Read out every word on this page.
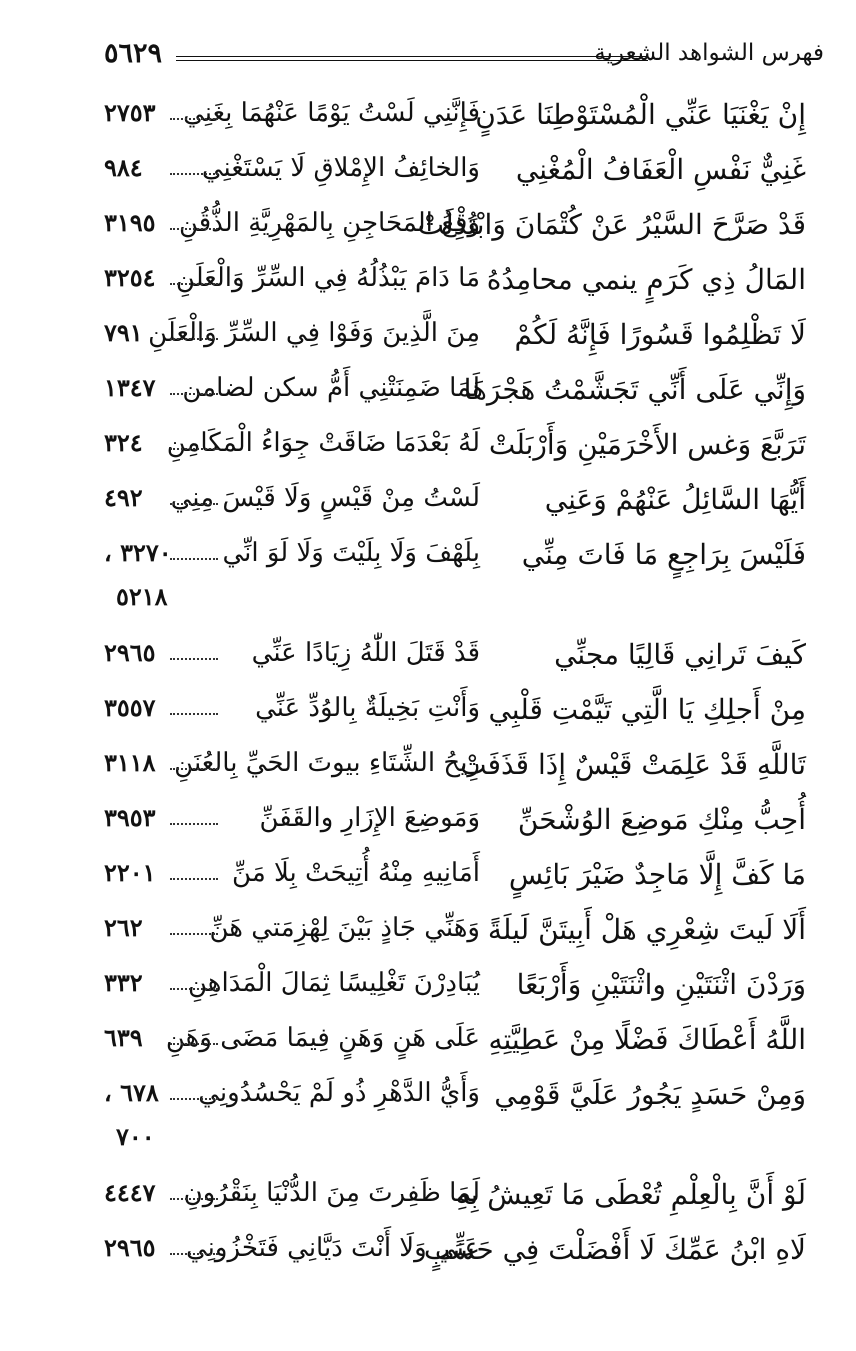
٥٦٢٩	فهرس الشواهد الشعرية
إِنْ يَغْنَيَا عَنِّي الْمُسْتَوْطِنَا عَدَنٍ
فَإِنَّنِي لَسْتُ يَوْمًا عَنْهُمَا بِغَنِي
٢٧٥٣
غَنِيٌّ نَفْسِ الْعَفَافُ الْمُغْنِي
وَالخائِفُ الإِمْلاقِ لَا يَسْتَغْنِي
٩٨٤
قَدْ صَرَّحَ السَّيْرُ عَنْ كُتْمَانَ وَابْتُذِلَتْ
وَقْعُ المَحَاجِنِ بِالمَهْرِيَّةِ الذُّقُنِ
٣١٩٥
المَالُ ذِي كَرَمٍ ينمي محامِدُهُ
مَا دَامَ يَبْذُلُهُ فِي السِّرِّ وَالْعَلَنِ
٣٢٥٤
لَا تَظْلِمُوا قَسُورًا فَإِنَّهُ لَكُمْ
مِنَ الَّذِينَ وَفَوْا فِي السِّرِّ وَالْعَلَنِ
٧٩١
وَإِنِّي عَلَى أَنِّي تَجَشَّمْتُ هَجْرَهَا
لَمَا ضَمِنَتْنِي أَمُّ سكن لضامن
١٣٤٧
تَرَبَّعَ وَغس الأَخْرَمَيْنِ وَأَرْبَلَتْ
لَهُ بَعْدَمَا ضَاقَتْ جِوَاءُ الْمَكَامِنِ
٣٢٤
أَيُّهَا السَّائِلُ عَنْهُمْ وَعَنِي
لَسْتُ مِنْ قَيْسٍ وَلَا قَيْسَ مِنِي
٤٩٢
فَلَيْسَ بِرَاجِعٍ مَا فَاتَ مِنِّي
بِلَهْفَ وَلَا بِلَيْتَ وَلَا لَوَ انِّي
٣٢٧٠ ،
٥٢١٨
كَيفَ تَرانِي قَالِيًا مجنِّي
قَدْ قَتَلَ اللّٰهُ زِيَادًا عَنِّي
٢٩٦٥
مِنْ أَجلِكِ يَا الَّتِي تَيَّمْتِ قَلْبِي
وَأَنْتِ بَخِيلَةٌ بِالوُدِّ عَنِّي
٣٥٥٧
تَاللَّهِ قَدْ عَلِمَتْ قَيْسٌ إِذَا قَذَفَتْ
رِيحُ الشِّتَاءِ بيوتَ الحَيِّ بِالعُنَنِ
٣١١٨
أُحِبُّ مِنْكِ مَوضِعَ الوُشْحَنِّ
وَمَوضِعَ الإِزَارِ والقَفَنِّ
٣٩٥٣
مَا كَفَّ إِلَّا مَاجِدٌ ضَيْرَ بَائِسٍ
أَمَانِيهِ مِنْهُ أُتِيحَتْ بِلَا مَنِّ
٢٢٠١
أَلَا لَيتَ شِعْرِي هَلْ أَبِيتَنَّ لَيلَةً
وَهَنِّي جَاذٍ بَيْنَ لِهْزِمَتي هَنِّ
٢٦٢
وَرَدْنَ اثْنَتَيْنِ واثْنَتَيْنِ وَأَرْبَعًا
يُبَادِرْنَ تَغْلِيسًا ثِمَالَ الْمَدَاهِنِ
٣٣٢
اللَّهُ أَعْطَاكَ فَضْلًا مِنْ عَطِيَّتِهِ
عَلَى هَنٍ وَهَنٍ فِيمَا مَضَى وَهَنِ
٦٣٩
وَمِنْ حَسَدٍ يَجُورُ عَلَيَّ قَوْمِي
وَأَيُّ الدَّهْرِ ذُو لَمْ يَحْسُدُونِي
٦٧٨ ،
٧٠٠
لَوْ أَنَّ بِالْعِلْمِ تُعْطَى مَا تَعِيشُ بِهِ
لَمَا ظَفِرتَ مِنَ الدُّنْيَا بِنَقْرُونِ
٤٤٤٧
لَاهِ ابْنُ عَمِّكَ لَا أَفْضَلْتَ فِي حَسَبٍ
عَنِّي وَلَا أَنْتَ دَيَّانِي فَتَخْزُونِي
٢٩٦٥
